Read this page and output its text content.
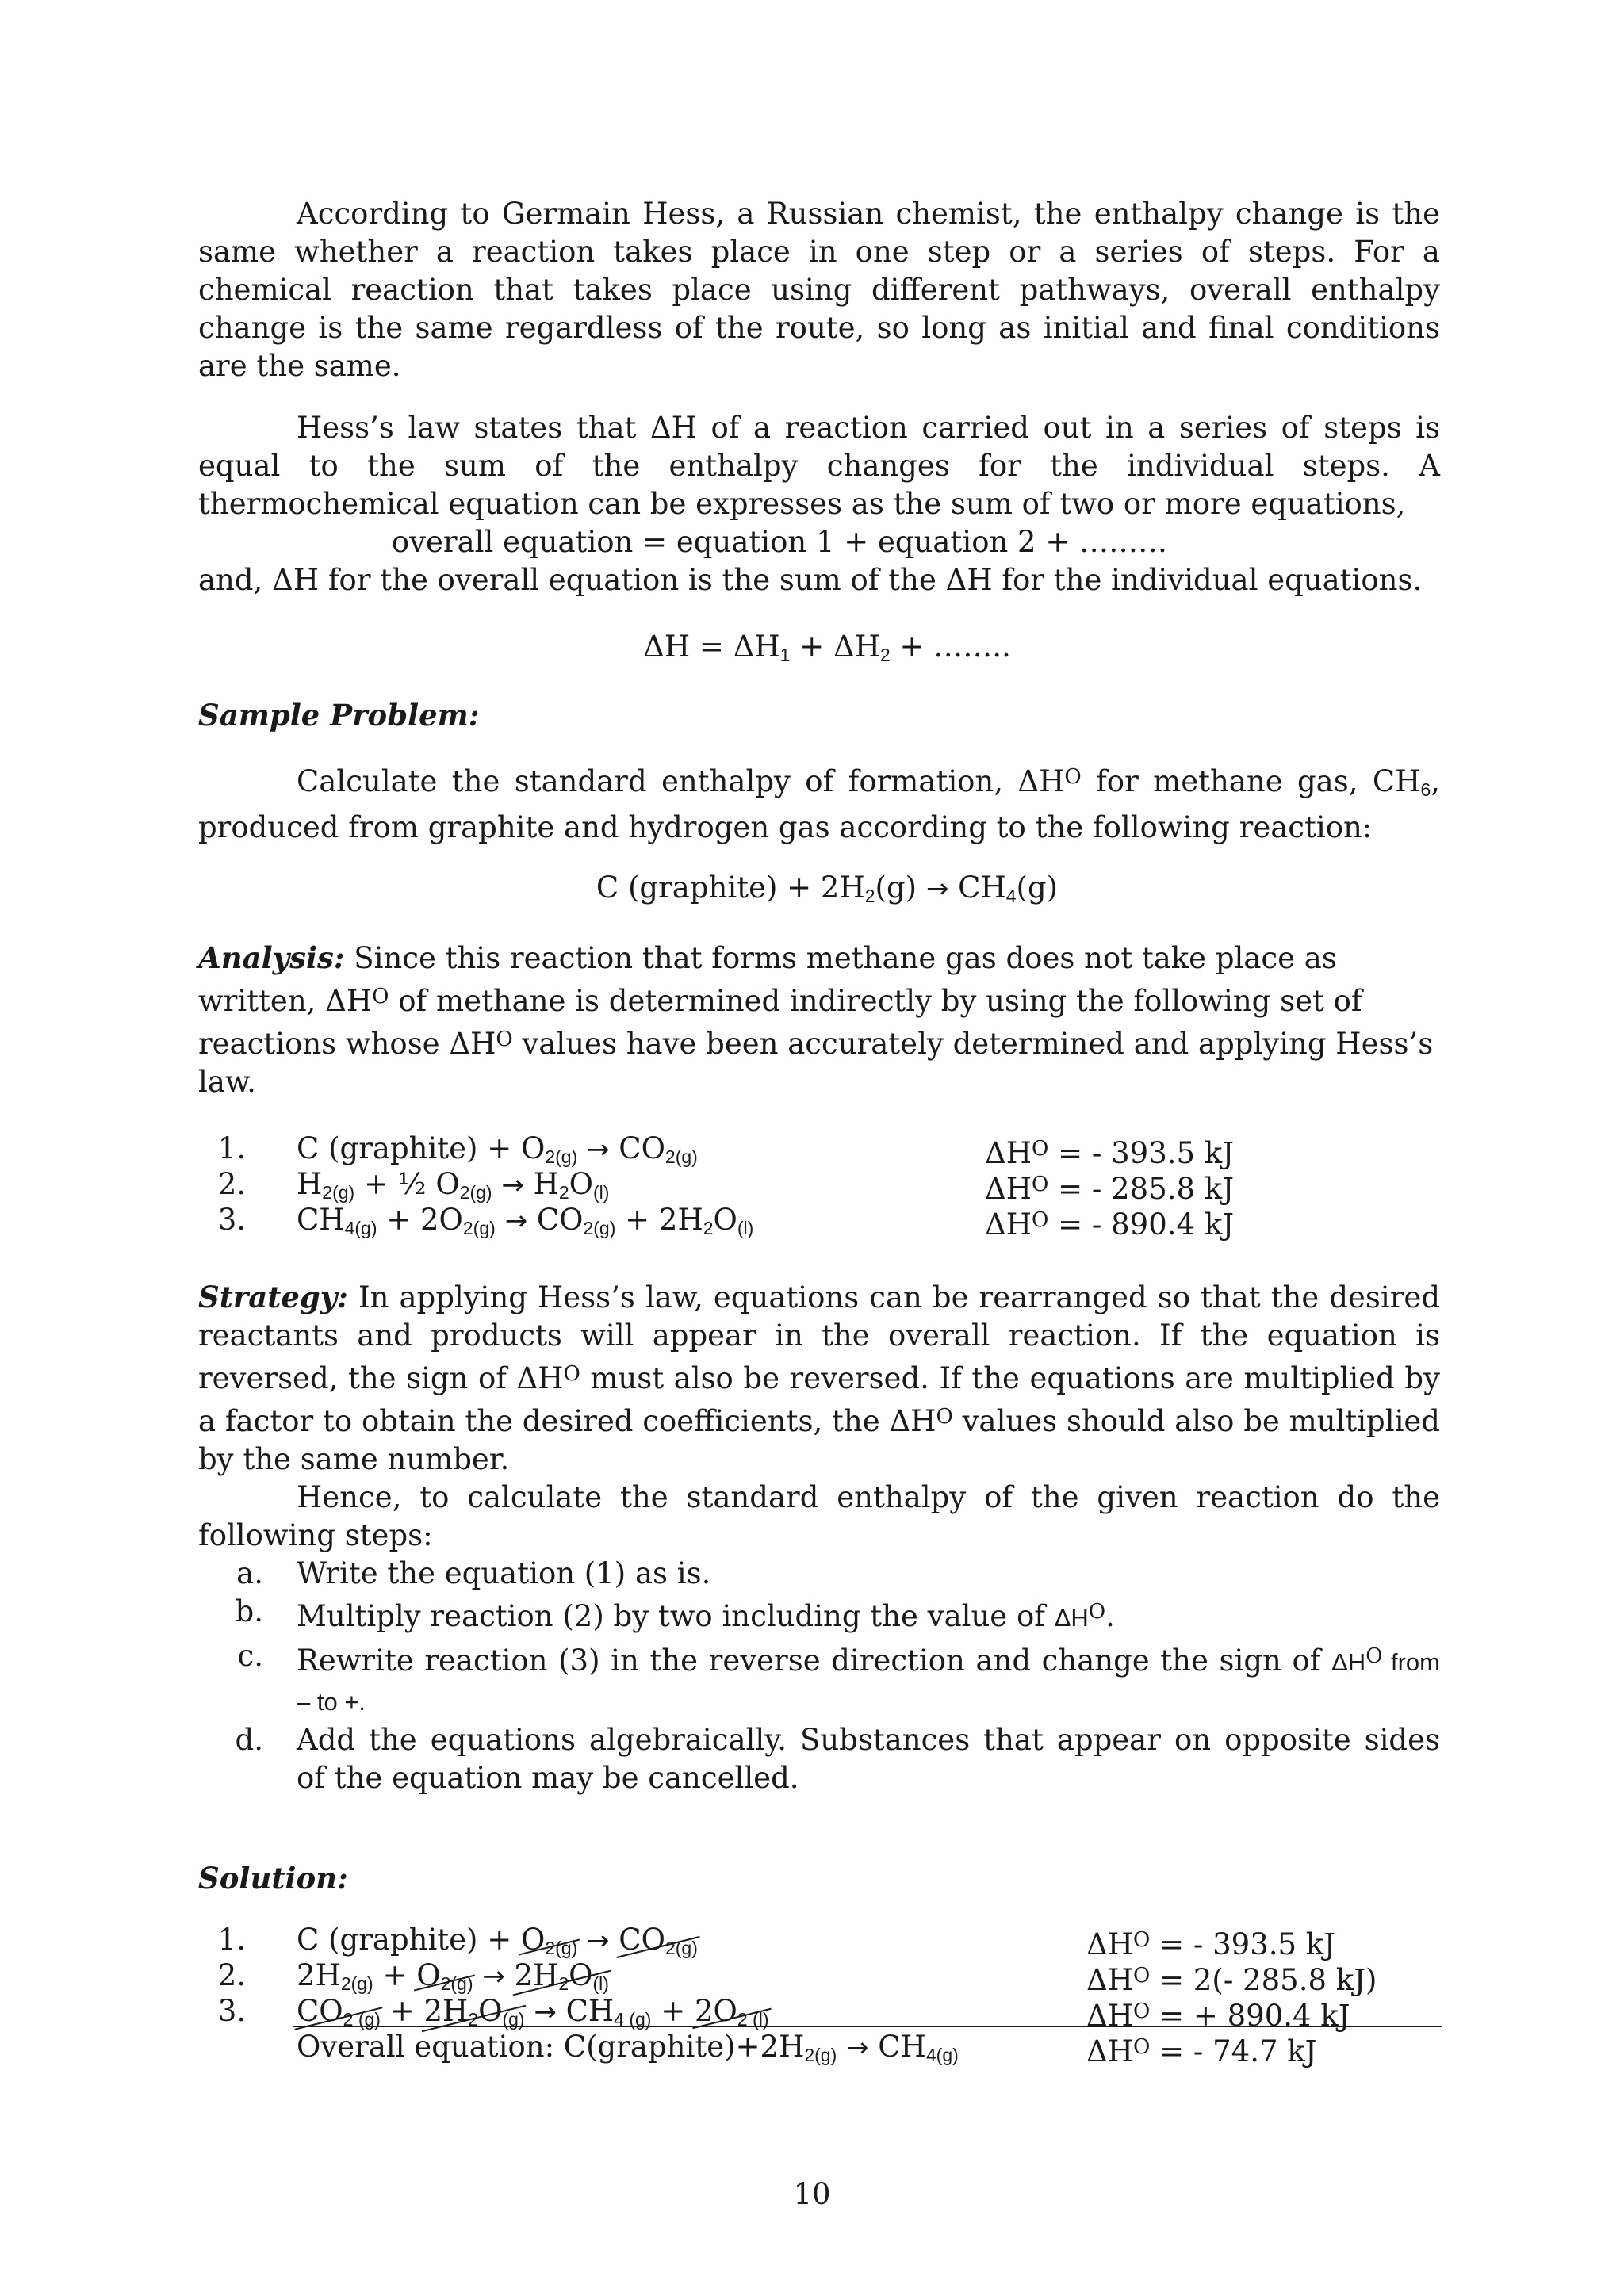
According to Germain Hess, a Russian chemist, the enthalpy change is the same whether a reaction takes place in one step or a series of steps. For a chemical reaction that takes place using different pathways, overall enthalpy change is the same regardless of the route, so long as initial and final conditions are the same.

Hess’s law states that ΔH of a reaction carried out in a series of steps is equal to the sum of the enthalpy changes for the individual steps. A thermochemical equation can be expresses as the sum of two or more equations,

overall equation = equation 1 + equation 2 + ………

and, ΔH for the overall equation is the sum of the ΔH for the individual equations.

$\Delta H = \Delta H_1 + \Delta H_2$ + ……..

Sample Problem:

Calculate the standard enthalpy of formation, $\Delta H^O$ for methane gas, $CH_6$, produced from graphite and hydrogen gas according to the following reaction:

C (graphite) + $2H_2(g) \to CH_4(g)$

Analysis: Since this reaction that forms methane gas does not take place as written, $\Delta H^O$ of methane is determined indirectly by using the following set of reactions whose $\Delta H^O$ values have been accurately determined and applying Hess’s law.

1. C (graphite) + $O_{2(g)} \to CO_{2(g)}$	$\Delta H^O$ = - 393.5 kJ
2. $H_{2(g)}$ + ½ $O_{2(g)} \to H_2O_{(l)}$	$\Delta H^O$ = - 285.8 kJ
3. $CH_{4(g)} + 2O_{2(g)} \to CO_{2(g)} + 2H_2O_{(l)}$	$\Delta H^O$ = - 890.4 kJ

Strategy: In applying Hess’s law, equations can be rearranged so that the desired reactants and products will appear in the overall reaction. If the equation is reversed, the sign of $\Delta H^O$ must also be reversed. If the equations are multiplied by a factor to obtain the desired coefficients, the $\Delta H^O$ values should also be multiplied by the same number.

Hence, to calculate the standard enthalpy of the given reaction do the following steps:

a. Write the equation (1) as is.
b. Multiply reaction (2) by two including the value of $\Delta H^O$.
c. Rewrite reaction (3) in the reverse direction and change the sign of $\Delta H^O$ from – to +.
d. Add the equations algebraically. Substances that appear on opposite sides of the equation may be cancelled.

Solution:

1. C (graphite) + $O_{2(g)} \to CO_{2(g)}$	$\Delta H^O$ = - 393.5 kJ
2. $2H_{2(g)} + O_{2(g)} \to 2H_2O_{(l)}$	$\Delta H^O = 2(-$ 285.8 kJ)
3. $CO_{2 (g)} + 2H_2O_{(g)} \to CH_{4 (g)} + 2O_{2 (l)}$	$\Delta H^O$ = + 890.4 kJ
Overall equation: $C(graphite)+2H_{2(g)} \to CH_{4(g)}$	$\Delta H^O$ = - 74.7 kJ
10
